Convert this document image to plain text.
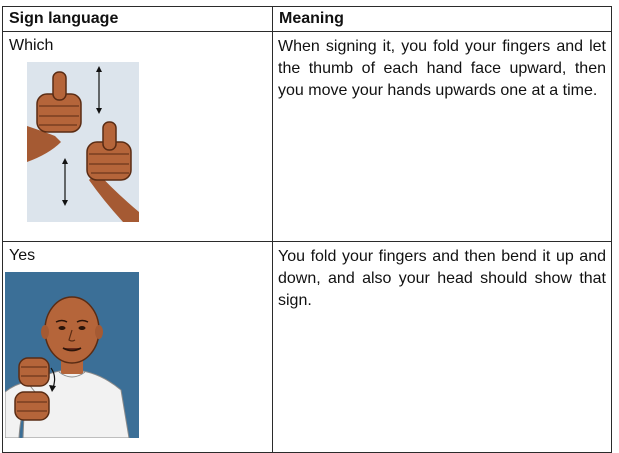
Sign language	Meaning

Which	When signing it, you fold your fingers and let the thumb of each hand face upward, then you move your hands upwards one at a time.

Yes	You fold your fingers and then bend it up and down, and also your head should show that sign.
